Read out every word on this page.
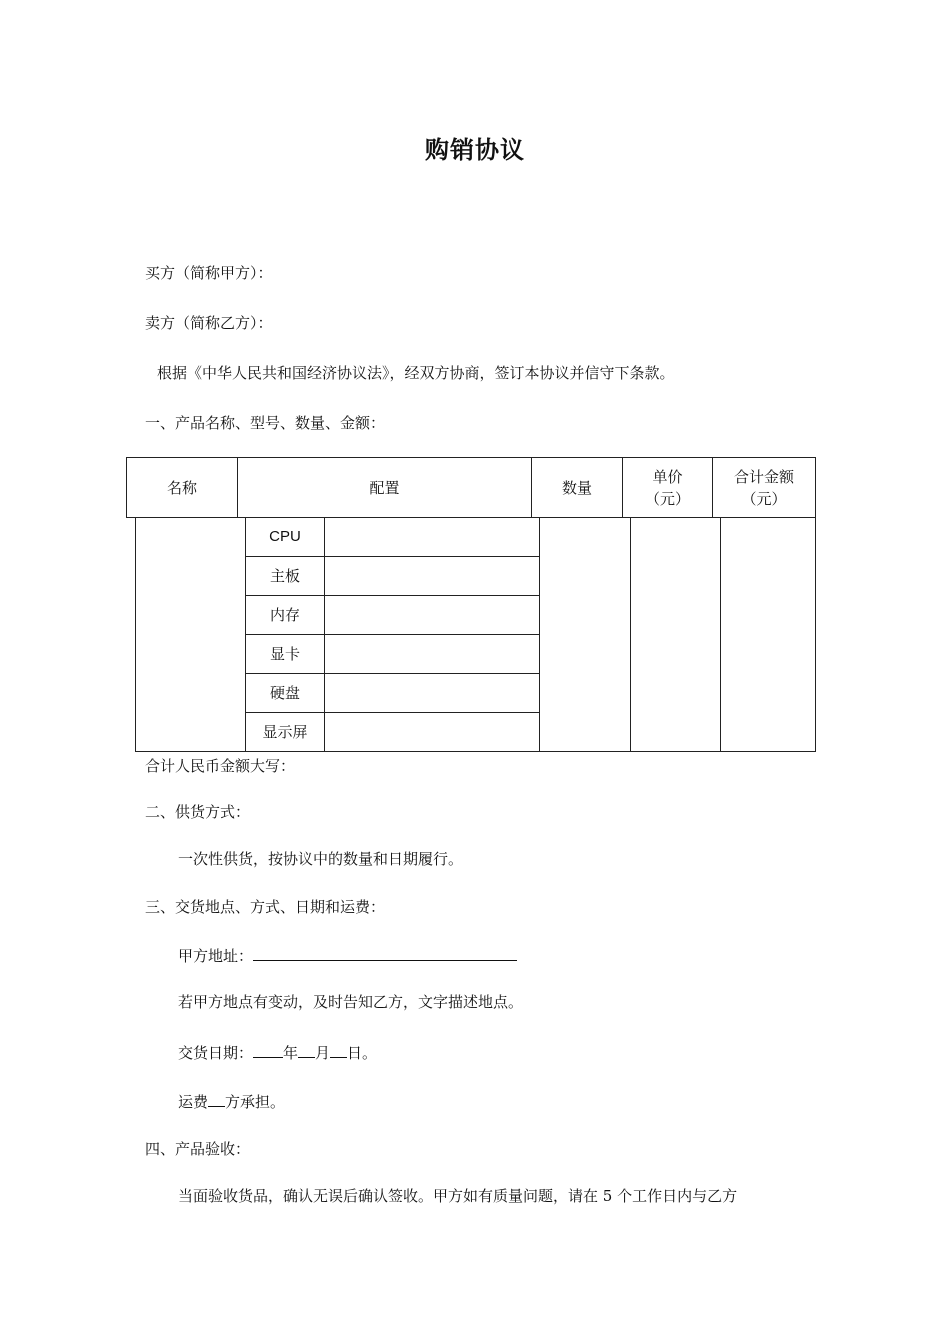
购销协议
买方（简称甲方）：
卖方（简称乙方）：
根据《中华人民共和国经济协议法》，经双方协商，签订本协议并信守下条款。
一、产品名称、型号、数量、金额：
名称	配置	数量
单价
（元）
合计金额
（元）
CPU
主板
内存
显卡
硬盘
显示屏
合计人民币金额大写：
二、供货方式：
一次性供货，按协议中的数量和日期履行。
三、交货地点、方式、日期和运费：
甲方地址：
若甲方地点有变动，及时告知乙方，文字描述地点。
交货日期： 年 月 日。
运费 方承担。
四、产品验收：
当面验收货品，确认无误后确认签收。甲方如有质量问题，请在 5 个工作日内与乙方
